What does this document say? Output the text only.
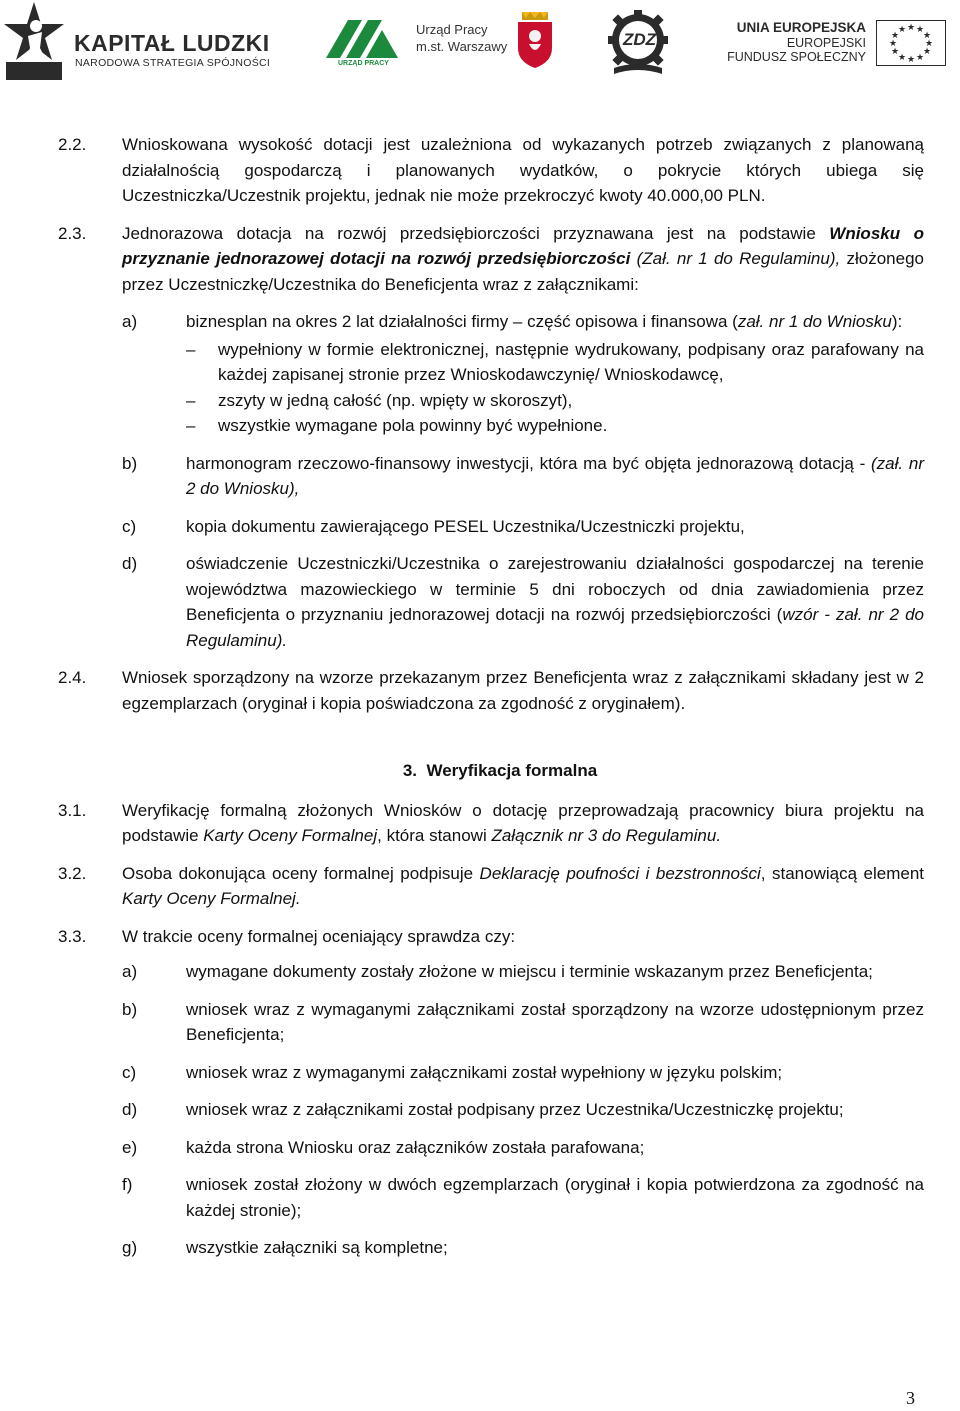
KAPITAŁ LUDZKI
NARODOWA STRATEGIA SPÓJNOŚCI	URZĄD PRACY
Urząd Pracy
m.st. Warszawy	ZDZ
UNIA EUROPEJSKA
EUROPEJSKI
FUNDUSZ SPOŁECZNY
★ ★
★
★
★
★
★
★
★
★
★
★
2.2.	Wnioskowana wysokość dotacji jest uzależniona od wykazanych potrzeb związanych z planowaną działalnością gospodarczą i planowanych wydatków, o pokrycie których ubiega się Uczestniczka/Uczestnik projektu, jednak nie może przekroczyć kwoty 40.000,00 PLN.
2.3.	Jednorazowa dotacja na rozwój przedsiębiorczości przyznawana jest na podstawie Wniosku o przyznanie jednorazowej dotacji na rozwój przedsiębiorczości (Zał. nr 1 do Regulaminu), złożonego przez Uczestniczkę/Uczestnika do Beneficjenta wraz z załącznikami:
a)	biznesplan na okres 2 lat działalności firmy – część opisowa i finansowa (zał. nr 1 do Wniosku):
–	wypełniony w formie elektronicznej, następnie wydrukowany, podpisany oraz parafowany na każdej zapisanej stronie przez Wnioskodawczynię/ Wnioskodawcę,
–	zszyty w jedną całość (np. wpięty w skoroszyt),
–	wszystkie wymagane pola powinny być wypełnione.
b)	harmonogram rzeczowo-finansowy inwestycji, która ma być objęta jednorazową dotacją - (zał. nr 2 do Wniosku),
c)	kopia dokumentu zawierającego PESEL Uczestnika/Uczestniczki projektu,
d)	oświadczenie Uczestniczki/Uczestnika o zarejestrowaniu działalności gospodarczej na terenie województwa mazowieckiego w terminie 5 dni roboczych od dnia zawiadomienia przez Beneficjenta o przyznaniu jednorazowej dotacji na rozwój przedsiębiorczości (wzór - zał. nr 2 do Regulaminu).
2.4.	Wniosek sporządzony na wzorze przekazanym przez Beneficjenta wraz z załącznikami składany jest w 2 egzemplarzach (oryginał i kopia poświadczona za zgodność z oryginałem).
3.  Weryfikacja formalna
3.1.	Weryfikację formalną złożonych Wniosków o dotację przeprowadzają pracownicy biura projektu na podstawie Karty Oceny Formalnej, która stanowi Załącznik nr 3 do Regulaminu.
3.2.	Osoba dokonująca oceny formalnej podpisuje Deklarację poufności i bezstronności, stanowiącą element Karty Oceny Formalnej.
3.3.	W trakcie oceny formalnej oceniający sprawdza czy:
a)	wymagane dokumenty zostały złożone w miejscu i terminie wskazanym przez Beneficjenta;
b)	wniosek wraz z wymaganymi załącznikami został sporządzony na wzorze udostępnionym przez Beneficjenta;
c)	wniosek wraz z wymaganymi załącznikami został wypełniony w języku polskim;
d)	wniosek wraz z załącznikami został podpisany przez Uczestnika/Uczestniczkę projektu;
e)	każda strona Wniosku oraz załączników została parafowana;
f)	wniosek został złożony w dwóch egzemplarzach (oryginał i kopia potwierdzona za zgodność na każdej stronie);
g)	wszystkie załączniki są kompletne;
3
